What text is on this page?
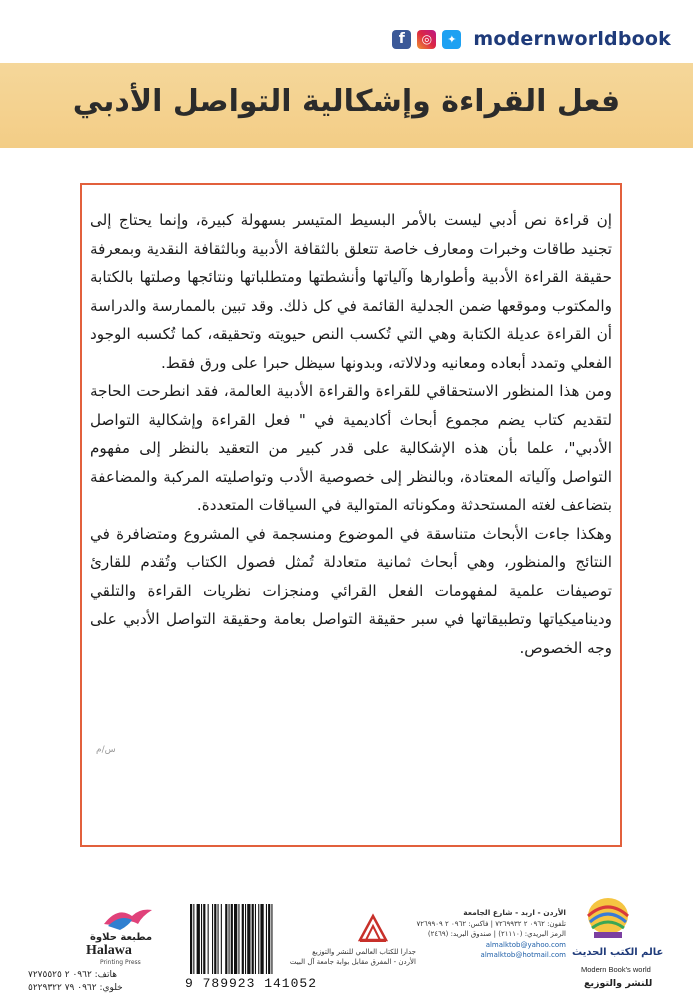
f	◎	✦ modernworldbook
فعل القراءة وإشكالية التواصل الأدبي

إن قراءة نص أدبي ليست بالأمر البسيط المتيسر بسهولة كبيرة، وإنما يحتاج إلى تجنيد طاقات وخبرات ومعارف خاصة تتعلق بالثقافة الأدبية وبالثقافة النقدية وبمعرفة حقيقة القراءة الأدبية وأطوارها وآلياتها وأنشطتها ومتطلباتها ونتائجها وصلتها بالكتابة والمكتوب وموقعها ضمن الجدلية القائمة في كل ذلك. وقد تبين بالممارسة والدراسة أن القراءة عديلة الكتابة وهي التي تُكسب النص حيويته وتحقيقه، كما تُكسبه الوجود الفعلي وتمدد أبعاده ومعانيه ودلالاته، وبدونها سيظل حبرا على ورق فقط.

ومن هذا المنظور الاستحقاقي للقراءة والقراءة الأدبية العالمة، فقد انطرحت الحاجة لتقديم كتاب يضم مجموع أبحاث أكاديمية في " فعل القراءة وإشكالية التواصل الأدبي"، علما بأن هذه الإشكالية على قدر كبير من التعقيد بالنظر إلى مفهوم التواصل وآلياته المعتادة، وبالنظر إلى خصوصية الأدب وتواصليته المركبة والمضاعفة بتضاعف لغته المستحدثة ومكوناته المتوالية في السياقات المتعددة.

وهكذا جاءت الأبحاث متناسقة في الموضوع ومنسجمة في المشروع ومتضافرة في النتائج والمنظور، وهي أبحاث ثمانية متعادلة تُمثل فصول الكتاب وتُقدم للقارئ توصيفات علمية لمفهومات الفعل القرائي ومنجزات نظريات القراءة والتلقي وديناميكياتها وتطبيقاتها في سبر حقيقة التواصل بعامة وحقيقة التواصل الأدبي على وجه الخصوص.

س/م
مطبعة حلاوة
Halawa
Printing Press
هاتف: ٠٩٦٢ ٢ ٧٢٧٥٥٢٥
خلوي: ٠٩٦٢ ٧٩ ٥٢٢٩٣٢٢	9 789923 141052
جدارا للكتاب العالمي للنشر والتوزيع
الأردن - المفرق مقابل بوابة جامعة آل البيت
الأردن - اربد - شارع الجامعة
تلفون: ٠٩٦٢ ٢ ٧٢٦٩٩٣٢ | فاكس: ٠٩٦٢ ٢ ٧٢٦٩٩٠٩
الرمز البريدي: (٢١١١٠) | صندوق البريد: (٢٤٦٩)
almalktob@yahoo.com
almalktob@hotmail.com عالم الكتب الحديث
Modern Book's world
للنشر والتوزيع
